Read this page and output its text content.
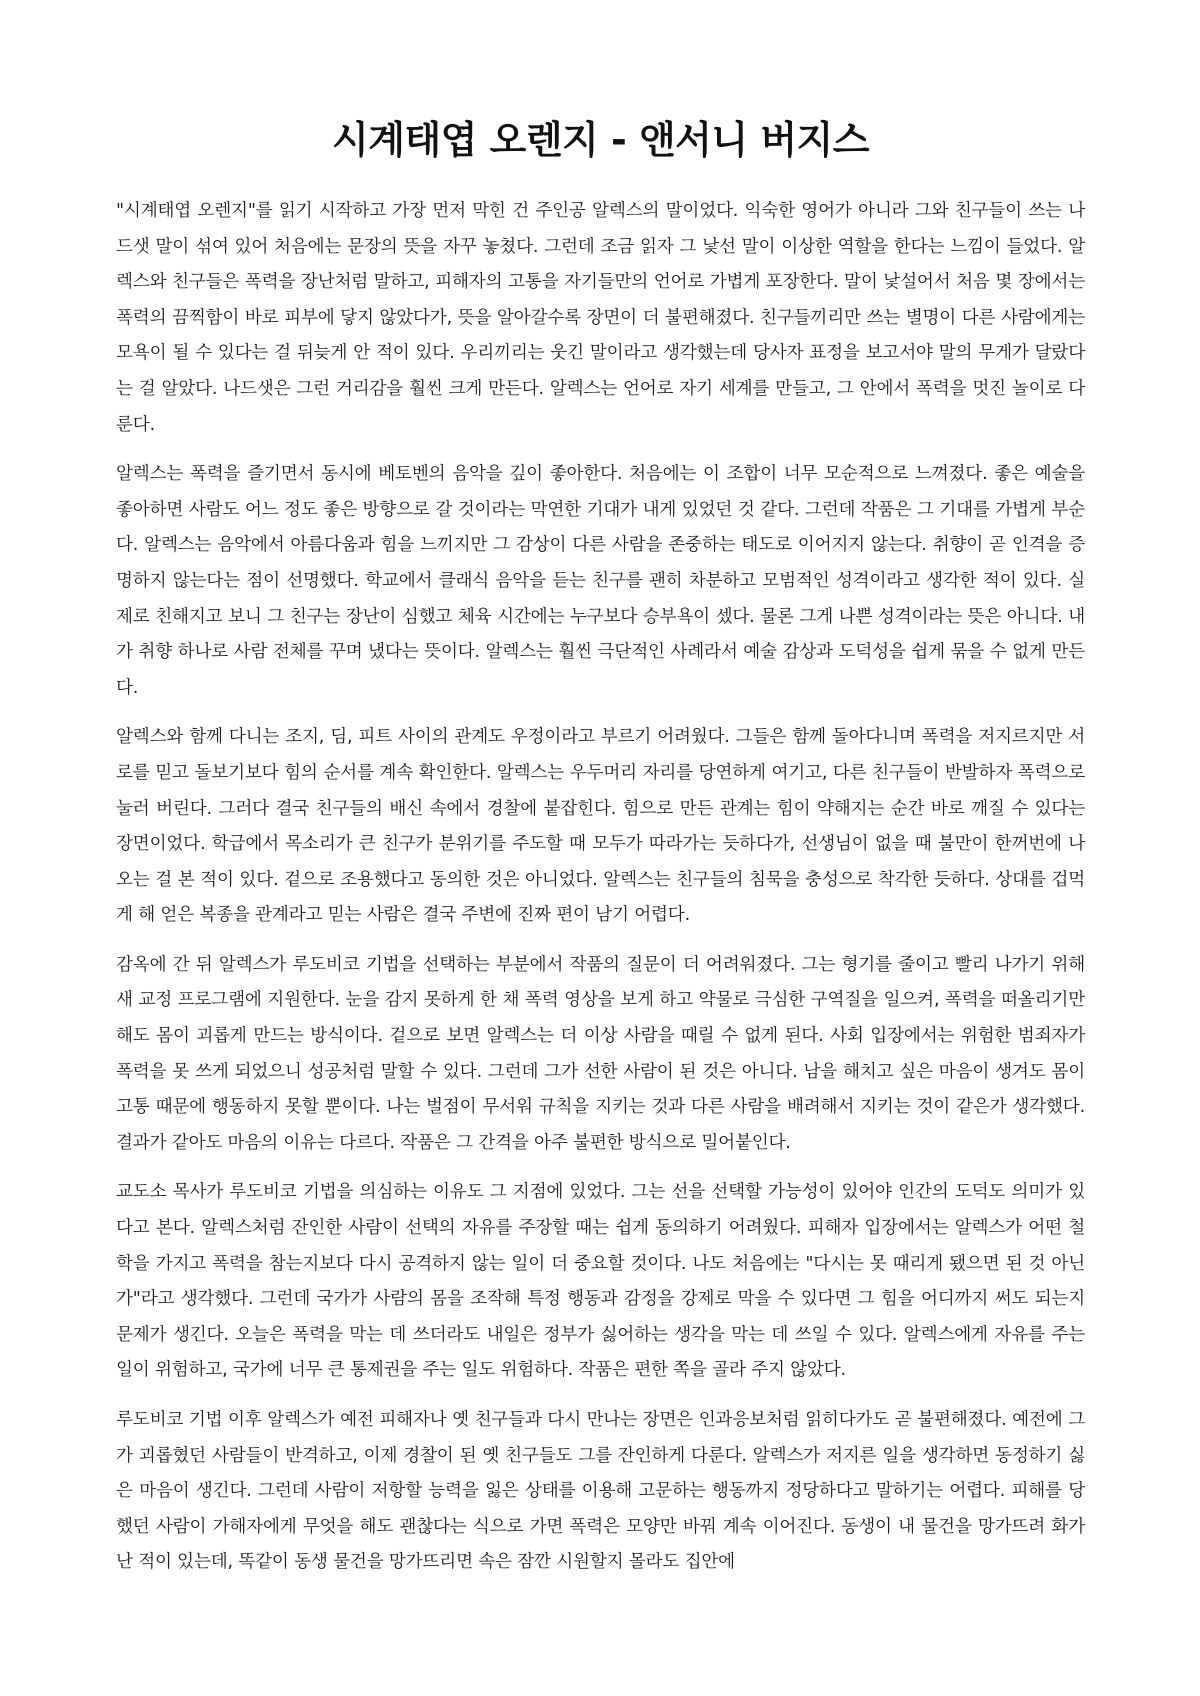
시계태엽 오렌지 - 앤서니 버지스

"시계태엽 오렌지"를 읽기 시작하고 가장 먼저 막힌 건 주인공 알렉스의 말이었다. 익숙한 영어가 아니라 그와 친구들이 쓰는 나드샛 말이 섞여 있어 처음에는 문장의 뜻을 자꾸 놓쳤다. 그런데 조금 읽자 그 낯선 말이 이상한 역할을 한다는 느낌이 들었다. 알렉스와 친구들은 폭력을 장난처럼 말하고, 피해자의 고통을 자기들만의 언어로 가볍게 포장한다. 말이 낯설어서 처음 몇 장에서는 폭력의 끔찍함이 바로 피부에 닿지 않았다가, 뜻을 알아갈수록 장면이 더 불편해졌다. 친구들끼리만 쓰는 별명이 다른 사람에게는 모욕이 될 수 있다는 걸 뒤늦게 안 적이 있다. 우리끼리는 웃긴 말이라고 생각했는데 당사자 표정을 보고서야 말의 무게가 달랐다는 걸 알았다. 나드샛은 그런 거리감을 훨씬 크게 만든다. 알렉스는 언어로 자기 세계를 만들고, 그 안에서 폭력을 멋진 놀이로 다룬다.

알렉스는 폭력을 즐기면서 동시에 베토벤의 음악을 깊이 좋아한다. 처음에는 이 조합이 너무 모순적으로 느껴졌다. 좋은 예술을 좋아하면 사람도 어느 정도 좋은 방향으로 갈 것이라는 막연한 기대가 내게 있었던 것 같다. 그런데 작품은 그 기대를 가볍게 부순다. 알렉스는 음악에서 아름다움과 힘을 느끼지만 그 감상이 다른 사람을 존중하는 태도로 이어지지 않는다. 취향이 곧 인격을 증명하지 않는다는 점이 선명했다. 학교에서 클래식 음악을 듣는 친구를 괜히 차분하고 모범적인 성격이라고 생각한 적이 있다. 실제로 친해지고 보니 그 친구는 장난이 심했고 체육 시간에는 누구보다 승부욕이 셌다. 물론 그게 나쁜 성격이라는 뜻은 아니다. 내가 취향 하나로 사람 전체를 꾸며 냈다는 뜻이다. 알렉스는 훨씬 극단적인 사례라서 예술 감상과 도덕성을 쉽게 묶을 수 없게 만든다.

알렉스와 함께 다니는 조지, 딤, 피트 사이의 관계도 우정이라고 부르기 어려웠다. 그들은 함께 돌아다니며 폭력을 저지르지만 서로를 믿고 돌보기보다 힘의 순서를 계속 확인한다. 알렉스는 우두머리 자리를 당연하게 여기고, 다른 친구들이 반발하자 폭력으로 눌러 버린다. 그러다 결국 친구들의 배신 속에서 경찰에 붙잡힌다. 힘으로 만든 관계는 힘이 약해지는 순간 바로 깨질 수 있다는 장면이었다. 학급에서 목소리가 큰 친구가 분위기를 주도할 때 모두가 따라가는 듯하다가, 선생님이 없을 때 불만이 한꺼번에 나오는 걸 본 적이 있다. 겉으로 조용했다고 동의한 것은 아니었다. 알렉스는 친구들의 침묵을 충성으로 착각한 듯하다. 상대를 겁먹게 해 얻은 복종을 관계라고 믿는 사람은 결국 주변에 진짜 편이 남기 어렵다.

감옥에 간 뒤 알렉스가 루도비코 기법을 선택하는 부분에서 작품의 질문이 더 어려워졌다. 그는 형기를 줄이고 빨리 나가기 위해 새 교정 프로그램에 지원한다. 눈을 감지 못하게 한 채 폭력 영상을 보게 하고 약물로 극심한 구역질을 일으켜, 폭력을 떠올리기만 해도 몸이 괴롭게 만드는 방식이다. 겉으로 보면 알렉스는 더 이상 사람을 때릴 수 없게 된다. 사회 입장에서는 위험한 범죄자가 폭력을 못 쓰게 되었으니 성공처럼 말할 수 있다. 그런데 그가 선한 사람이 된 것은 아니다. 남을 해치고 싶은 마음이 생겨도 몸이 고통 때문에 행동하지 못할 뿐이다. 나는 벌점이 무서워 규칙을 지키는 것과 다른 사람을 배려해서 지키는 것이 같은가 생각했다. 결과가 같아도 마음의 이유는 다르다. 작품은 그 간격을 아주 불편한 방식으로 밀어붙인다.

교도소 목사가 루도비코 기법을 의심하는 이유도 그 지점에 있었다. 그는 선을 선택할 가능성이 있어야 인간의 도덕도 의미가 있다고 본다. 알렉스처럼 잔인한 사람이 선택의 자유를 주장할 때는 쉽게 동의하기 어려웠다. 피해자 입장에서는 알렉스가 어떤 철학을 가지고 폭력을 참는지보다 다시 공격하지 않는 일이 더 중요할 것이다. 나도 처음에는 "다시는 못 때리게 됐으면 된 것 아닌가"라고 생각했다. 그런데 국가가 사람의 몸을 조작해 특정 행동과 감정을 강제로 막을 수 있다면 그 힘을 어디까지 써도 되는지 문제가 생긴다. 오늘은 폭력을 막는 데 쓰더라도 내일은 정부가 싫어하는 생각을 막는 데 쓰일 수 있다. 알렉스에게 자유를 주는 일이 위험하고, 국가에 너무 큰 통제권을 주는 일도 위험하다. 작품은 편한 쪽을 골라 주지 않았다.

루도비코 기법 이후 알렉스가 예전 피해자나 옛 친구들과 다시 만나는 장면은 인과응보처럼 읽히다가도 곧 불편해졌다. 예전에 그가 괴롭혔던 사람들이 반격하고, 이제 경찰이 된 옛 친구들도 그를 잔인하게 다룬다. 알렉스가 저지른 일을 생각하면 동정하기 싫은 마음이 생긴다. 그런데 사람이 저항할 능력을 잃은 상태를 이용해 고문하는 행동까지 정당하다고 말하기는 어렵다. 피해를 당했던 사람이 가해자에게 무엇을 해도 괜찮다는 식으로 가면 폭력은 모양만 바꿔 계속 이어진다. 동생이 내 물건을 망가뜨려 화가 난 적이 있는데, 똑같이 동생 물건을 망가뜨리면 속은 잠깐 시원할지 몰라도 집안에
